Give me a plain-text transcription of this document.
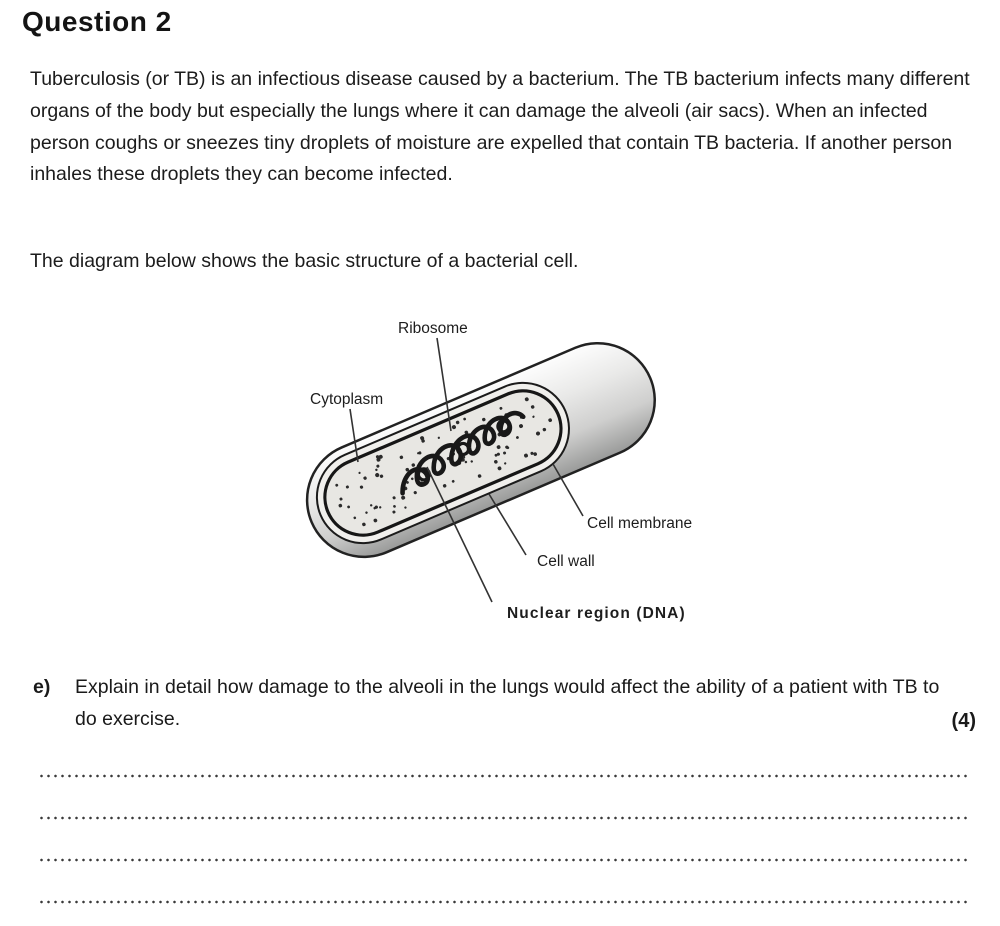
Question 2

Tuberculosis (or TB) is an infectious disease caused by a bacterium. The TB bacterium infects many different organs of the body but especially the lungs where it can damage the alveoli (air sacs). When an infected person coughs or sneezes tiny droplets of moisture are expelled that contain TB bacteria. If another person inhales these droplets they can become infected.

The diagram below shows the basic structure of a bacterial cell.

Ribosome
Cytoplasm
Cell membrane
Cell wall
Nuclear region (DNA)
e) Explain in detail how damage to the alveoli in the lungs would affect the ability of a patient with TB to do exercise.	(4)
